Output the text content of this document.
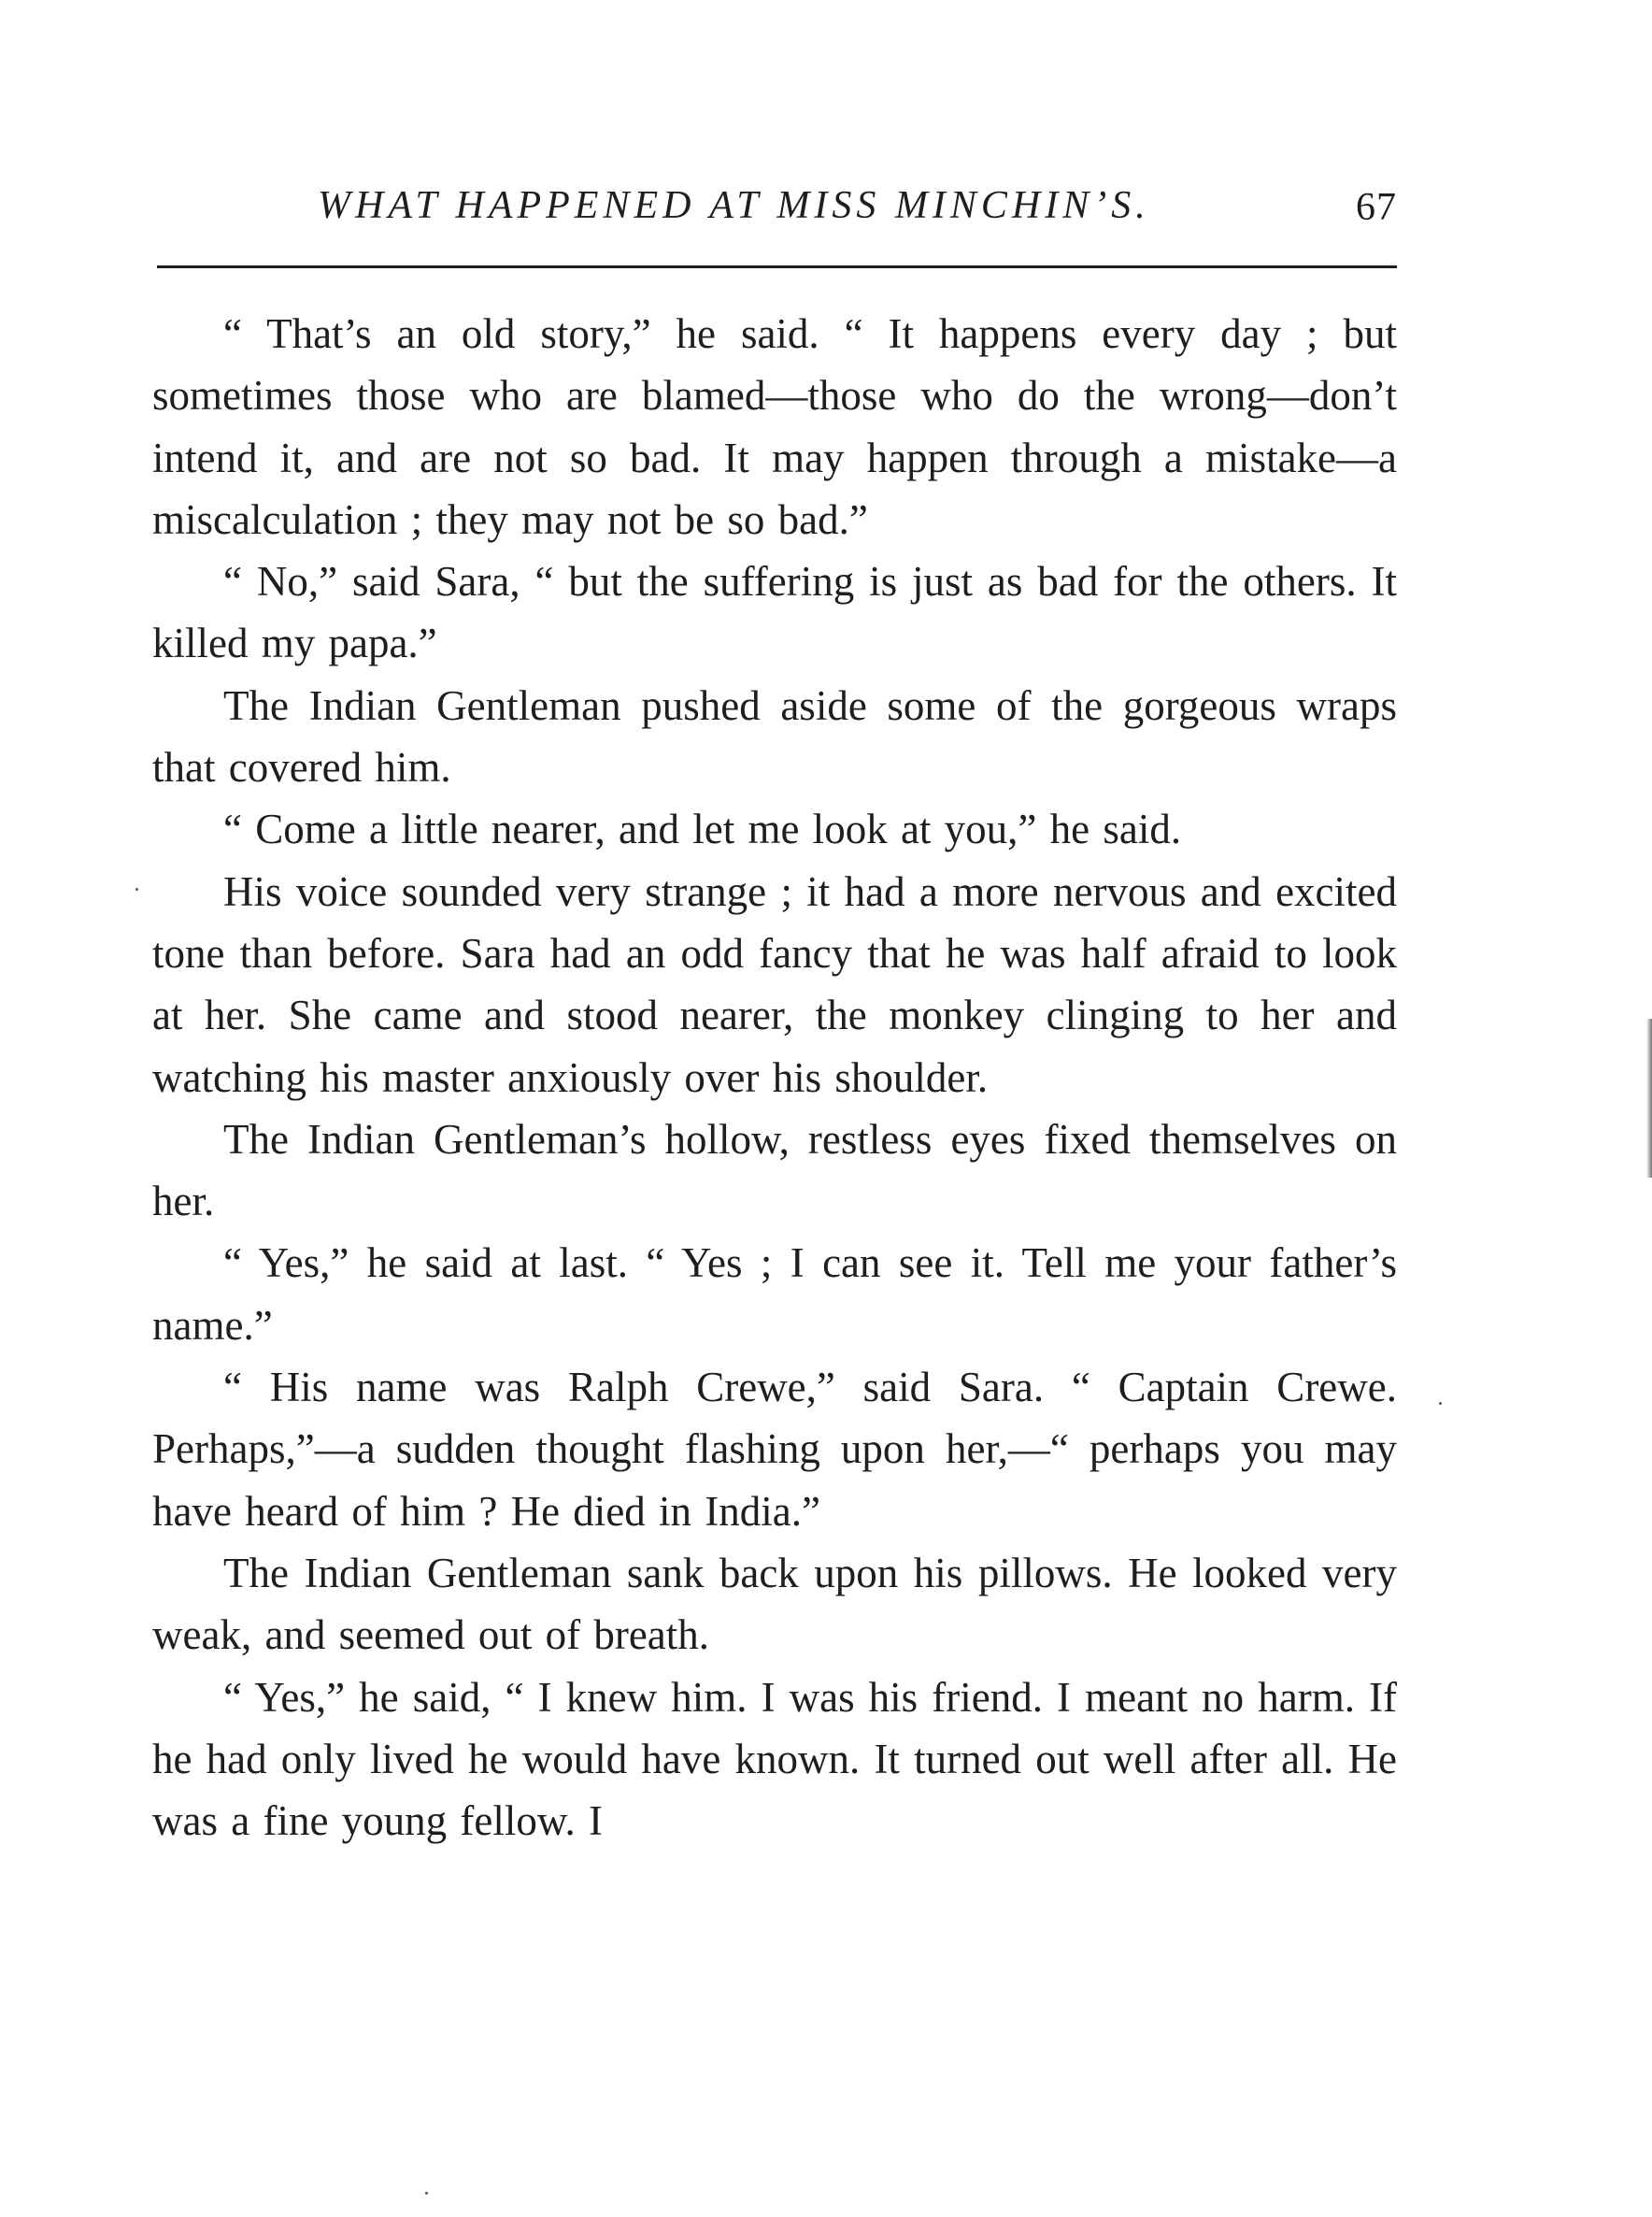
WHAT HAPPENED AT MISS MINCHIN’S.	67

“ That’s an old story,” he said. “ It happens every day ; but sometimes those who are blamed—those who do the wrong—don’t intend it, and are not so bad. It may happen through a mistake—a miscalculation ; they may not be so bad.”

“ No,” said Sara, “ but the suffering is just as bad for the others. It killed my papa.”

The Indian Gentleman pushed aside some of the gorgeous wraps that covered him.

“ Come a little nearer, and let me look at you,” he said.

His voice sounded very strange ; it had a more nervous and excited tone than before. Sara had an odd fancy that he was half afraid to look at her. She came and stood nearer, the monkey clinging to her and watching his master anxiously over his shoulder.

The Indian Gentleman’s hollow, restless eyes fixed themselves on her.

“ Yes,” he said at last. “ Yes ; I can see it. Tell me your father’s name.”

“ His name was Ralph Crewe,” said Sara. “ Captain Crewe. Perhaps,”—a sudden thought flashing upon her,—“ perhaps you may have heard of him ? He died in India.”

The Indian Gentleman sank back upon his pillows. He looked very weak, and seemed out of breath.

“ Yes,” he said, “ I knew him. I was his friend. I meant no harm. If he had only lived he would have known. It turned out well after all. He was a fine young fellow. I
